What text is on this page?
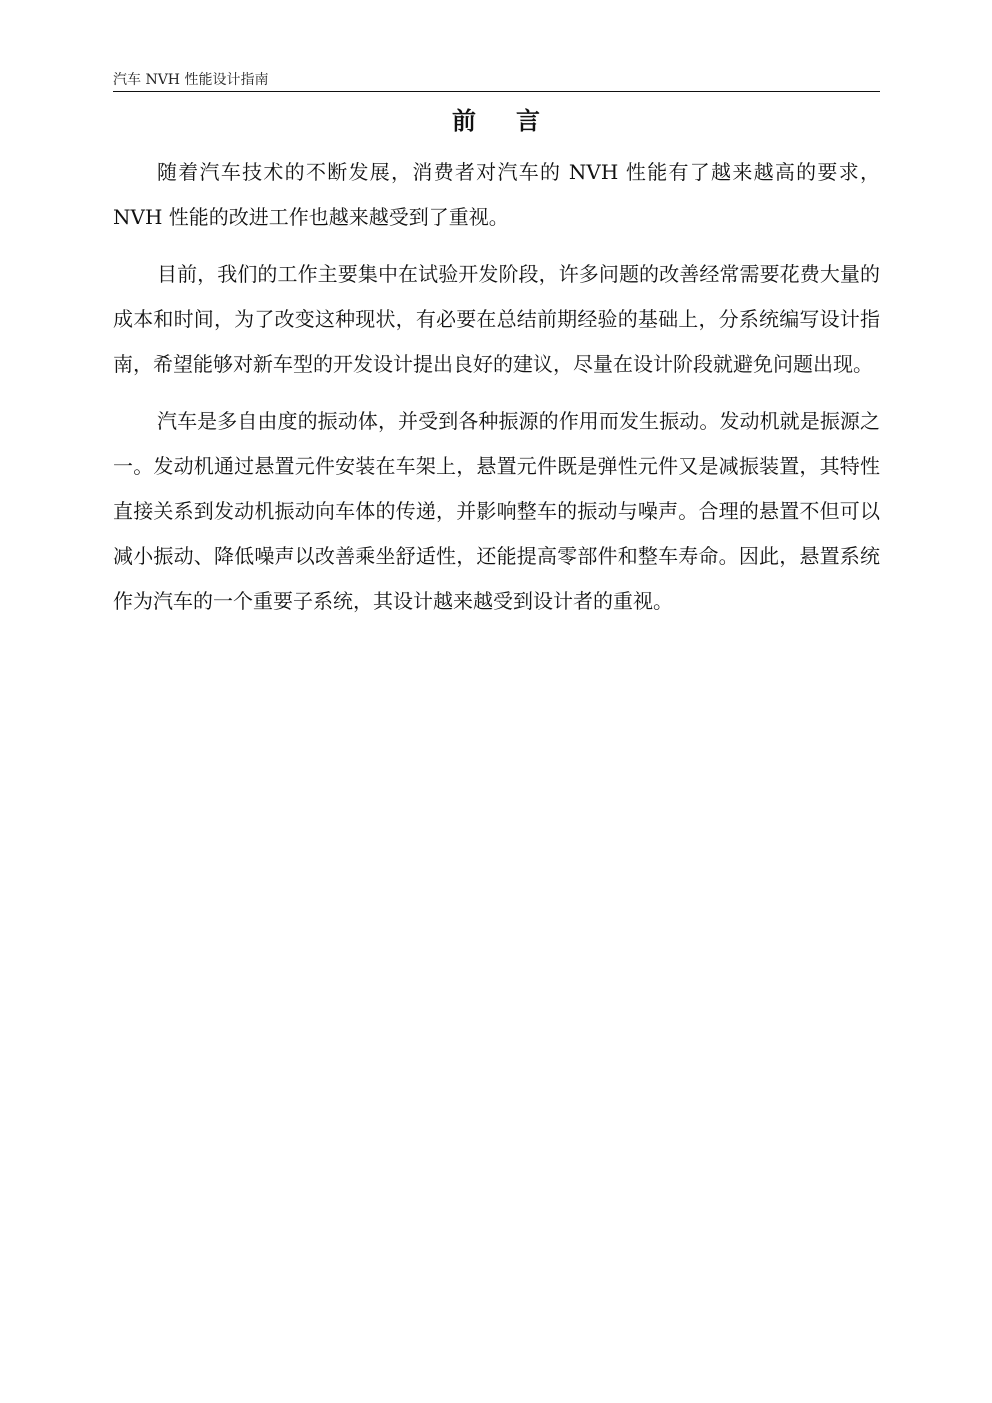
汽车 NVH 性能设计指南
前言

随着汽车技术的不断发展，消费者对汽车的 NVH 性能有了越来越高的要求，NVH 性能的改进工作也越来越受到了重视。

目前，我们的工作主要集中在试验开发阶段，许多问题的改善经常需要花费大量的成本和时间，为了改变这种现状，有必要在总结前期经验的基础上，分系统编写设计指南，希望能够对新车型的开发设计提出良好的建议，尽量在设计阶段就避免问题出现。

汽车是多自由度的振动体，并受到各种振源的作用而发生振动。发动机就是振源之一。发动机通过悬置元件安装在车架上，悬置元件既是弹性元件又是减振装置，其特性直接关系到发动机振动向车体的传递，并影响整车的振动与噪声。合理的悬置不但可以减小振动、降低噪声以改善乘坐舒适性，还能提高零部件和整车寿命。因此，悬置系统作为汽车的一个重要子系统，其设计越来越受到设计者的重视。
